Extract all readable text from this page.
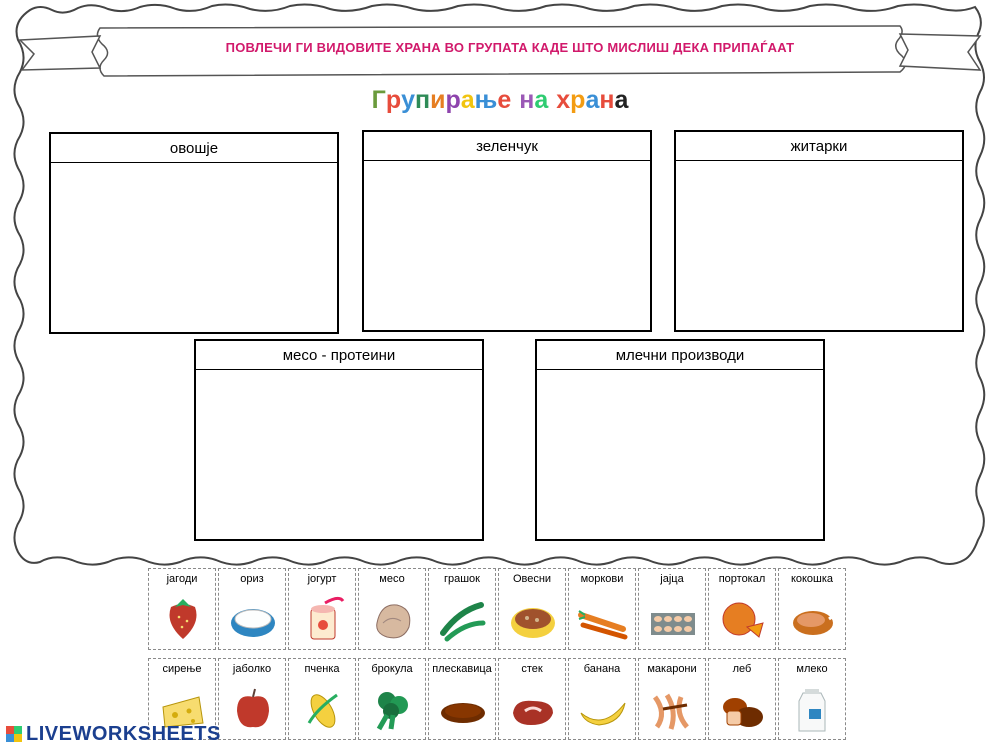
ПОВЛЕЧИ ГИ ВИДОВИТЕ ХРАНА ВО ГРУПАТА КАДЕ ШТО МИСЛИШ ДЕКА ПРИПАЃААТ
Групирање на храна
овошје	зеленчук	житарки
месо - протеини	млечни производи
јагоди	ориз	јогурт	месо	грашок	Овесни	моркови	јајца	портокал	кокошка
сирење	јаболко	пченка	брокула	плескавица	стек	банана	макарони	леб	млеко
LIVEWORKSHEETS
